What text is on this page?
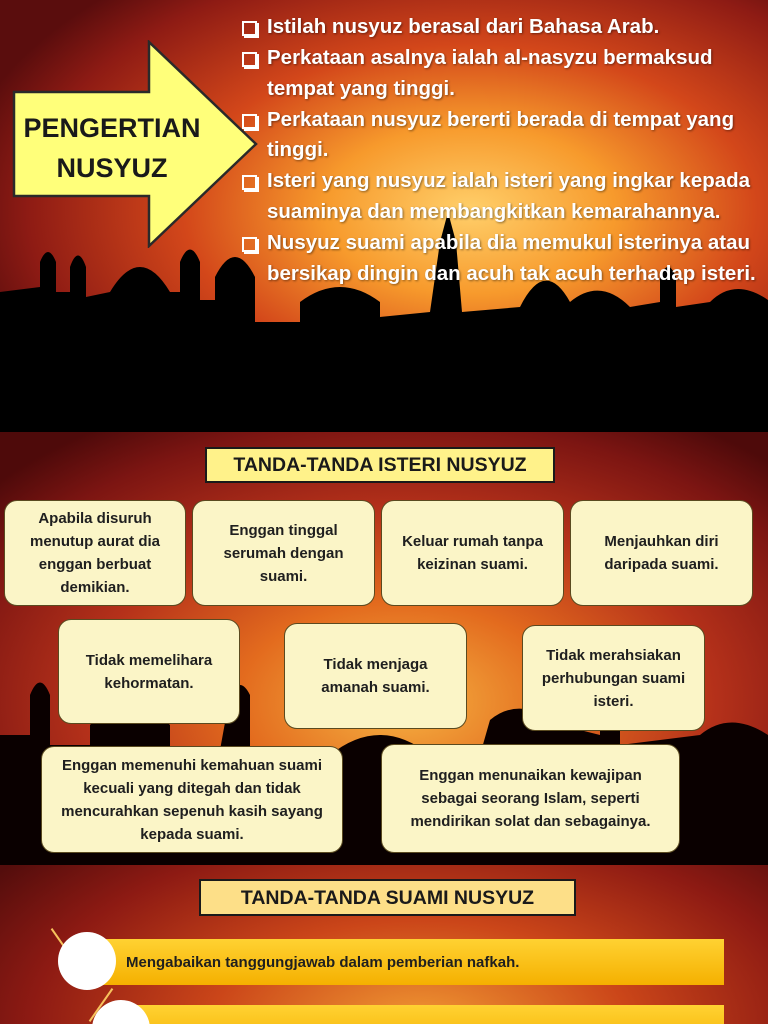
PENGERTIAN
NUSYUZ
Istilah nusyuz berasal dari Bahasa Arab.
Perkataan asalnya ialah al-nasyzu bermaksud tempat yang tinggi.
Perkataan nusyuz bererti berada di tempat yang tinggi.
Isteri yang nusyuz ialah isteri yang ingkar kepada suaminya dan membangkitkan kemarahannya.
Nusyuz suami apabila dia memukul isterinya atau bersikap dingin dan acuh tak acuh terhadap isteri.
TANDA-TANDA ISTERI NUSYUZ
Apabila disuruh menutup aurat dia enggan berbuat demikian.
Enggan tinggal serumah dengan suami.
Keluar rumah tanpa keizinan suami.
Menjauhkan diri daripada suami.
Tidak memelihara kehormatan.
Tidak menjaga amanah suami.
Tidak merahsiakan perhubungan suami isteri.
Enggan memenuhi kemahuan suami kecuali yang ditegah dan tidak mencurahkan sepenuh kasih sayang kepada suami.
Enggan menunaikan kewajipan sebagai seorang Islam, seperti mendirikan solat dan sebagainya.
TANDA-TANDA SUAMI NUSYUZ
Mengabaikan tanggungjawab dalam pemberian nafkah.
